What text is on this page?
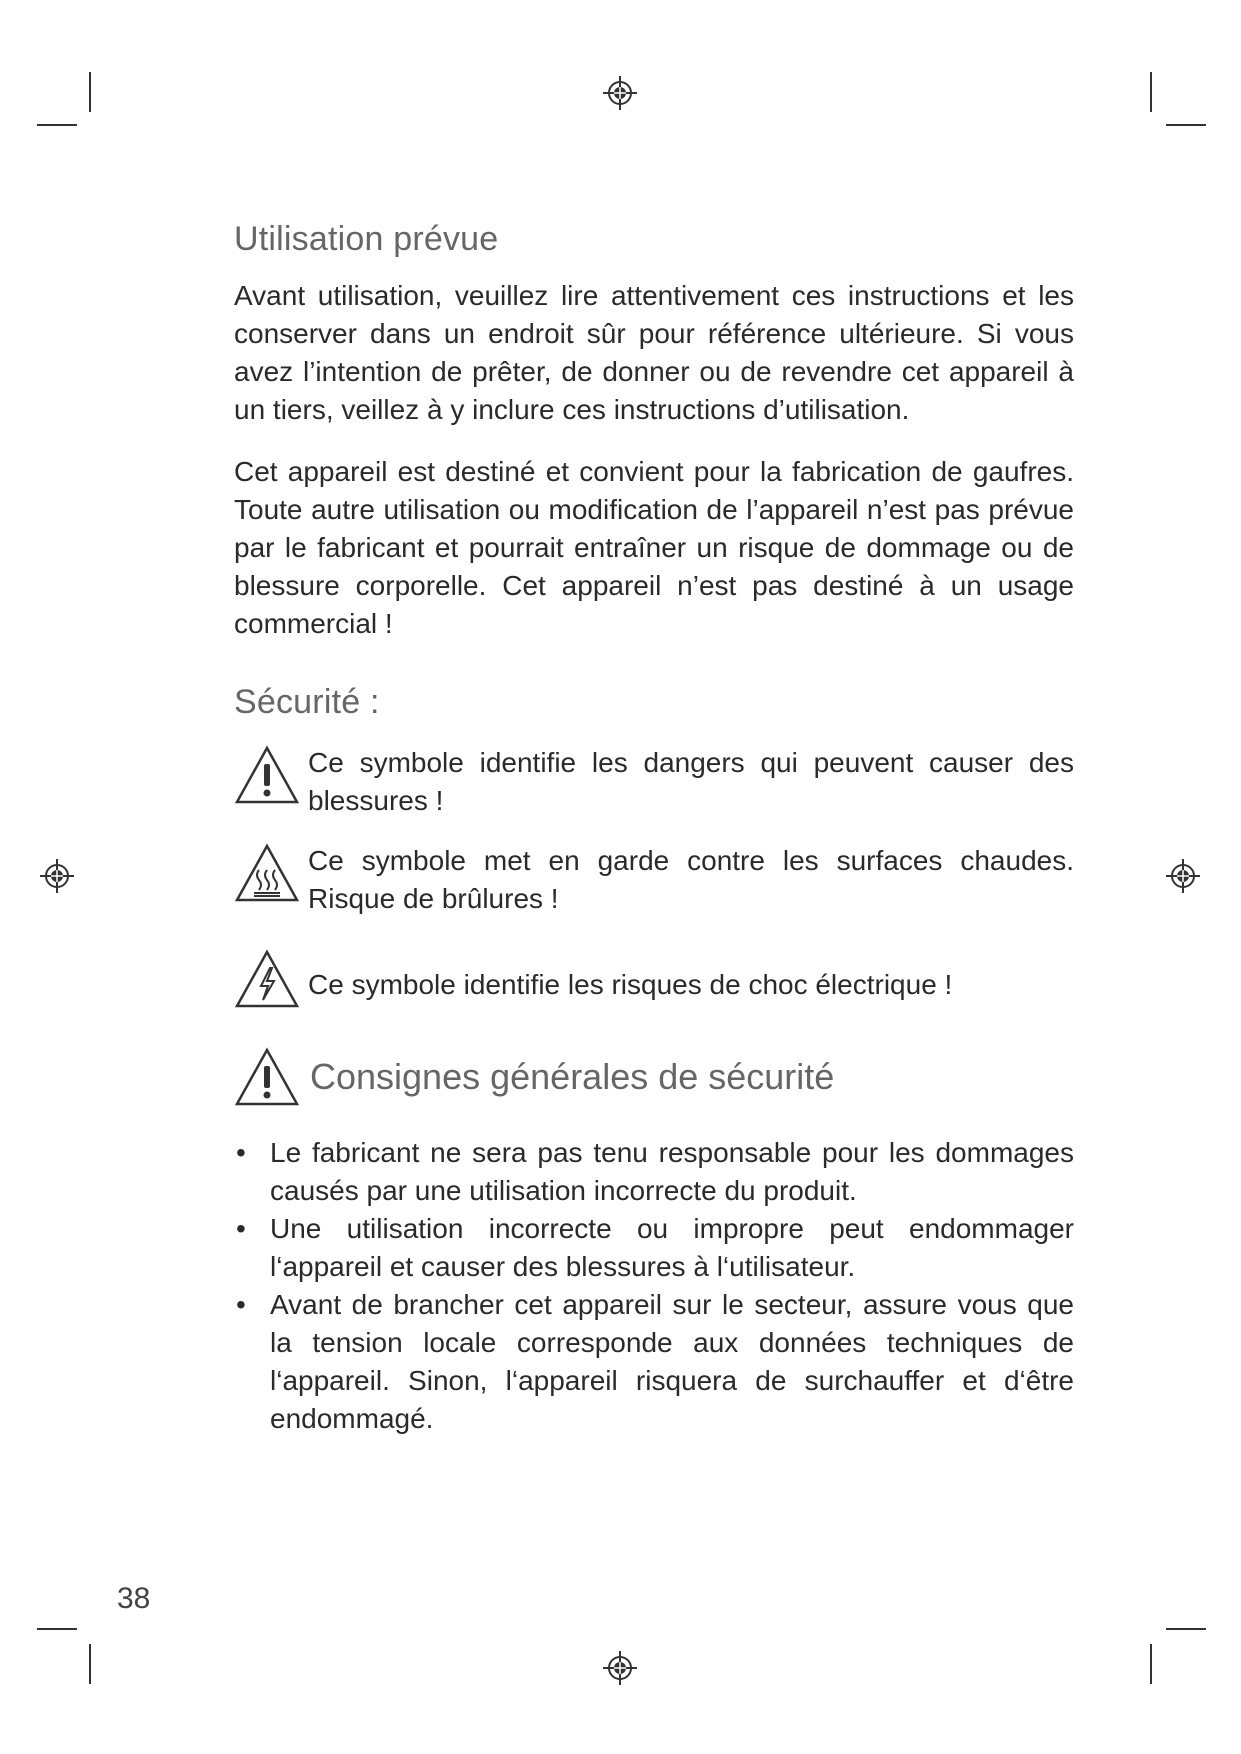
Utilisation prévue

Avant utilisation, veuillez lire attentivement ces instructions et les conserver dans un endroit sûr pour référence ultérieure. Si vous avez l’intention de prêter, de donner ou de revendre cet appareil à un tiers, veillez à y inclure ces instructions d’utilisation.

Cet appareil est destiné et convient pour la fabrication de gaufres. Toute autre utilisation ou modification de l’appareil n’est pas prévue par le fabricant et pourrait entraîner un risque de dommage ou de blessure corporelle. Cet appareil n’est pas destiné à un usage commercial !

Sécurité :
Ce symbole identifie les dangers qui peuvent causer des blessures !
Ce symbole met en garde contre les surfaces chaudes. Risque de brûlures !
Ce symbole identifie les risques de choc électrique !
Consignes générales de sécurité
• Le fabricant ne sera pas tenu responsable pour les dommages causés par une utilisation incorrecte du produit.
• Une utilisation incorrecte ou impropre peut endommager l‘appareil et causer des blessures à l‘utilisateur.
• Avant de brancher cet appareil sur le secteur, assure vous que la tension locale corresponde aux données techniques de l‘appareil. Sinon, l‘appareil risquera de surchauffer et d‘être endommagé.
38
